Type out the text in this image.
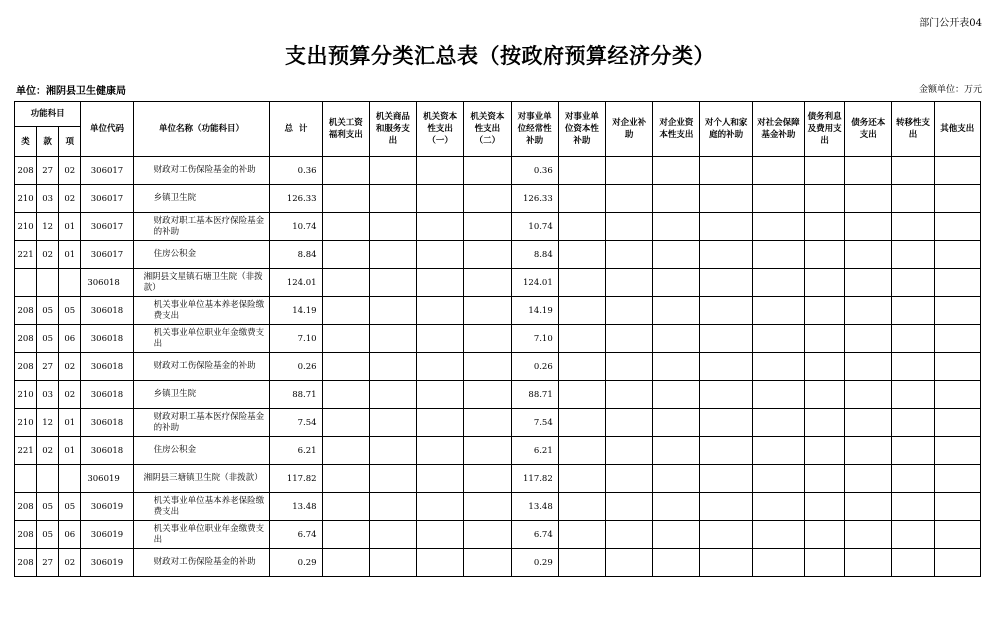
部门公开表04
支出预算分类汇总表（按政府预算经济分类）
单位：湘阴县卫生健康局	金额单位：万元
功能科目			单位代码	单位名称（功能科目）	总  计	机关工资福利支出	机关商品和服务支出	机关资本性支出（一）	机关资本性支出（二）	对事业单位经常性补助	对事业单位资本性补助	对企业补助	对企业资本性支出	对个人和家庭的补助	对社会保障基金补助	债务利息及费用支出	债务还本支出	转移性支出	其他支出
类	款	项																	
208	27	02	306017	财政对工伤保险基金的补助	0.36					0.36									
210	03	02	306017	乡镇卫生院	126.33					126.33									
210	12	01	306017	财政对职工基本医疗保险基金的补助	10.74					10.74									
221	02	01	306017	住房公积金	8.84					8.84									
			306018	湘阴县文星镇石塘卫生院（非拨款）	124.01					124.01									
208	05	05	306018	机关事业单位基本养老保险缴费支出	14.19					14.19									
208	05	06	306018	机关事业单位职业年金缴费支出	7.10					7.10									
208	27	02	306018	财政对工伤保险基金的补助	0.26					0.26									
210	03	02	306018	乡镇卫生院	88.71					88.71									
210	12	01	306018	财政对职工基本医疗保险基金的补助	7.54					7.54									
221	02	01	306018	住房公积金	6.21					6.21									
			306019	湘阴县三塘镇卫生院（非拨款）	117.82					117.82									
208	05	05	306019	机关事业单位基本养老保险缴费支出	13.48					13.48									
208	05	06	306019	机关事业单位职业年金缴费支出	6.74					6.74									
208	27	02	306019	财政对工伤保险基金的补助	0.29					0.29									
